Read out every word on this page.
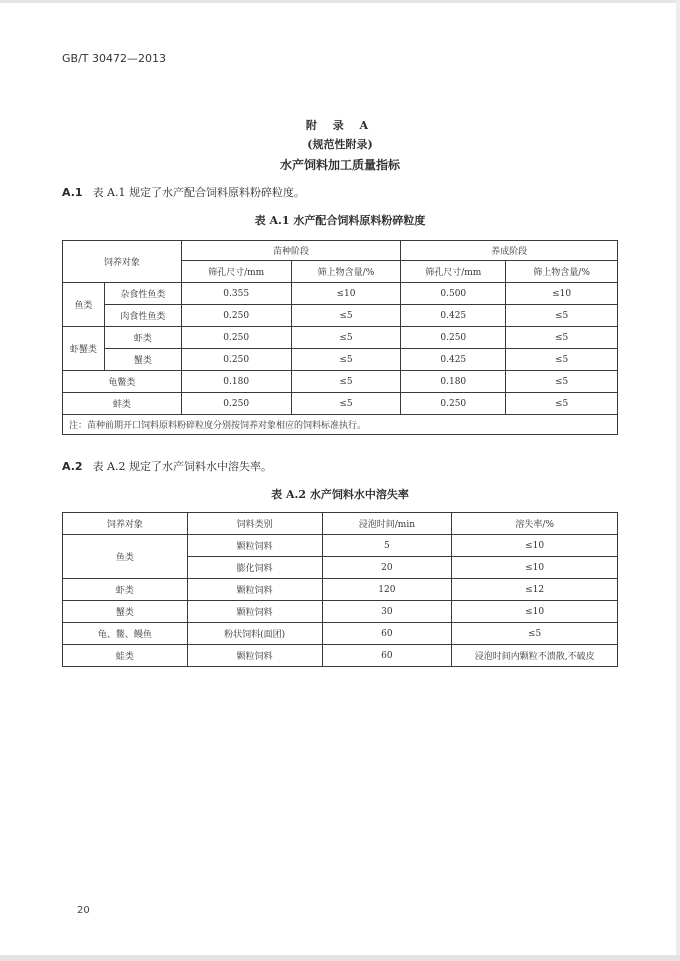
GB/T 30472—2013
附 录 A
(规范性附录)
水产饲料加工质量指标
A.1 表 A.1 规定了水产配合饲料原料粉碎粒度。
表 A.1 水产配合饲料原料粉碎粒度
饲养对象		苗种阶段		养成阶段	
		筛孔尺寸/mm	筛上物含量/%	筛孔尺寸/mm	筛上物含量/%
鱼类	杂食性鱼类	0.355	≤10	0.500	≤10
	肉食性鱼类	0.250	≤5	0.425	≤5
虾蟹类	虾类	0.250	≤5	0.250	≤5
	蟹类	0.250	≤5	0.425	≤5
龟鳖类		0.180	≤5	0.180	≤5
蚌类		0.250	≤5	0.250	≤5
注：苗种前期开口饲料原料粉碎粒度分别按饲养对象相应的饲料标准执行。					
A.2 表 A.2 规定了水产饲料水中溶失率。
表 A.2 水产饲料水中溶失率
饲养对象	饲料类别	浸泡时间/min	溶失率/%
鱼类	颗粒饲料	5	≤10
	膨化饲料	20	≤10
虾类	颗粒饲料	120	≤12
蟹类	颗粒饲料	30	≤10
龟、鳖、鳗鱼	粉状饲料(面团)	60	≤5
蛙类	颗粒饲料	60	浸泡时间内颗粒不溃散,不破皮
20
